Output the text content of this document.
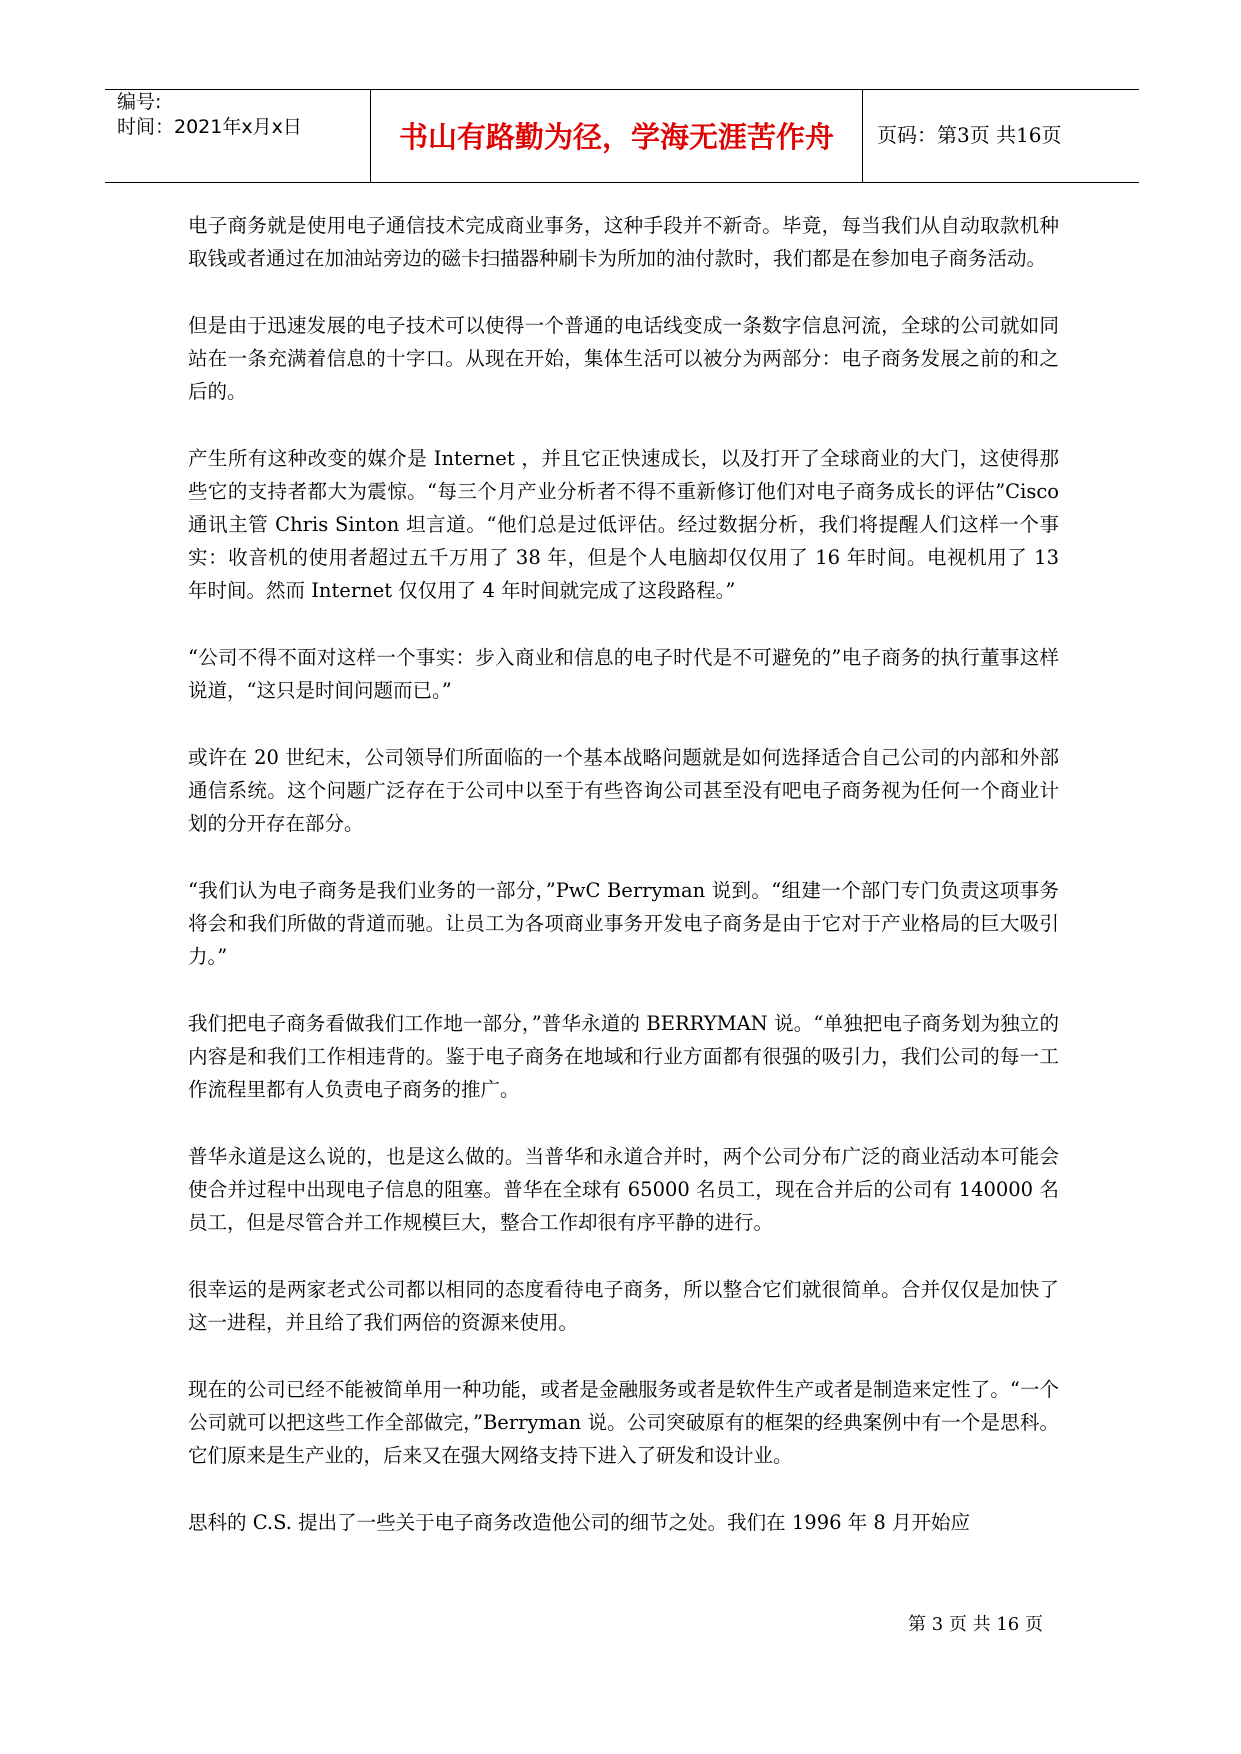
编号:
时间：2021年x月x日	书山有路勤为径，学海无涯苦作舟	页码：第3页 共16页

电子商务就是使用电子通信技术完成商业事务，这种手段并不新奇。毕竟，每当我们从自动取款机种取钱或者通过在加油站旁边的磁卡扫描器种刷卡为所加的油付款时，我们都是在参加电子商务活动。

但是由于迅速发展的电子技术可以使得一个普通的电话线变成一条数字信息河流，全球的公司就如同站在一条充满着信息的十字口。从现在开始，集体生活可以被分为两部分：电子商务发展之前的和之后的。

产生所有这种改变的媒介是 Internet ，并且它正快速成长，以及打开了全球商业的大门，这使得那些它的支持者都大为震惊。“每三个月产业分析者不得不重新修订他们对电子商务成长的评估”Cisco 通讯主管 Chris Sinton 坦言道。“他们总是过低评估。经过数据分析，我们将提醒人们这样一个事实：收音机的使用者超过五千万用了 38 年，但是个人电脑却仅仅用了 16 年时间。电视机用了 13 年时间。然而 Internet 仅仅用了 4 年时间就完成了这段路程。”

“公司不得不面对这样一个事实：步入商业和信息的电子时代是不可避免的”电子商务的执行董事这样说道，“这只是时间问题而已。”

或许在 20 世纪末，公司领导们所面临的一个基本战略问题就是如何选择适合自己公司的内部和外部通信系统。这个问题广泛存在于公司中以至于有些咨询公司甚至没有吧电子商务视为任何一个商业计划的分开存在部分。

“我们认为电子商务是我们业务的一部分，”PwC Berryman 说到。“组建一个部门专门负责这项事务将会和我们所做的背道而驰。让员工为各项商业事务开发电子商务是由于它对于产业格局的巨大吸引力。”

我们把电子商务看做我们工作地一部分，”普华永道的 BERRYMAN 说。“单独把电子商务划为独立的内容是和我们工作相违背的。鉴于电子商务在地域和行业方面都有很强的吸引力，我们公司的每一工作流程里都有人负责电子商务的推广。

普华永道是这么说的，也是这么做的。当普华和永道合并时，两个公司分布广泛的商业活动本可能会使合并过程中出现电子信息的阻塞。普华在全球有 65000 名员工，现在合并后的公司有 140000 名员工，但是尽管合并工作规模巨大，整合工作却很有序平静的进行。

很幸运的是两家老式公司都以相同的态度看待电子商务，所以整合它们就很简单。合并仅仅是加快了这一进程，并且给了我们两倍的资源来使用。

现在的公司已经不能被简单用一种功能，或者是金融服务或者是软件生产或者是制造来定性了。“一个公司就可以把这些工作全部做完，”Berryman 说。公司突破原有的框架的经典案例中有一个是思科。它们原来是生产业的，后来又在强大网络支持下进入了研发和设计业。

思科的 C.S. 提出了一些关于电子商务改造他公司的细节之处。我们在 1996 年 8 月开始应

第 3 页 共 16 页
